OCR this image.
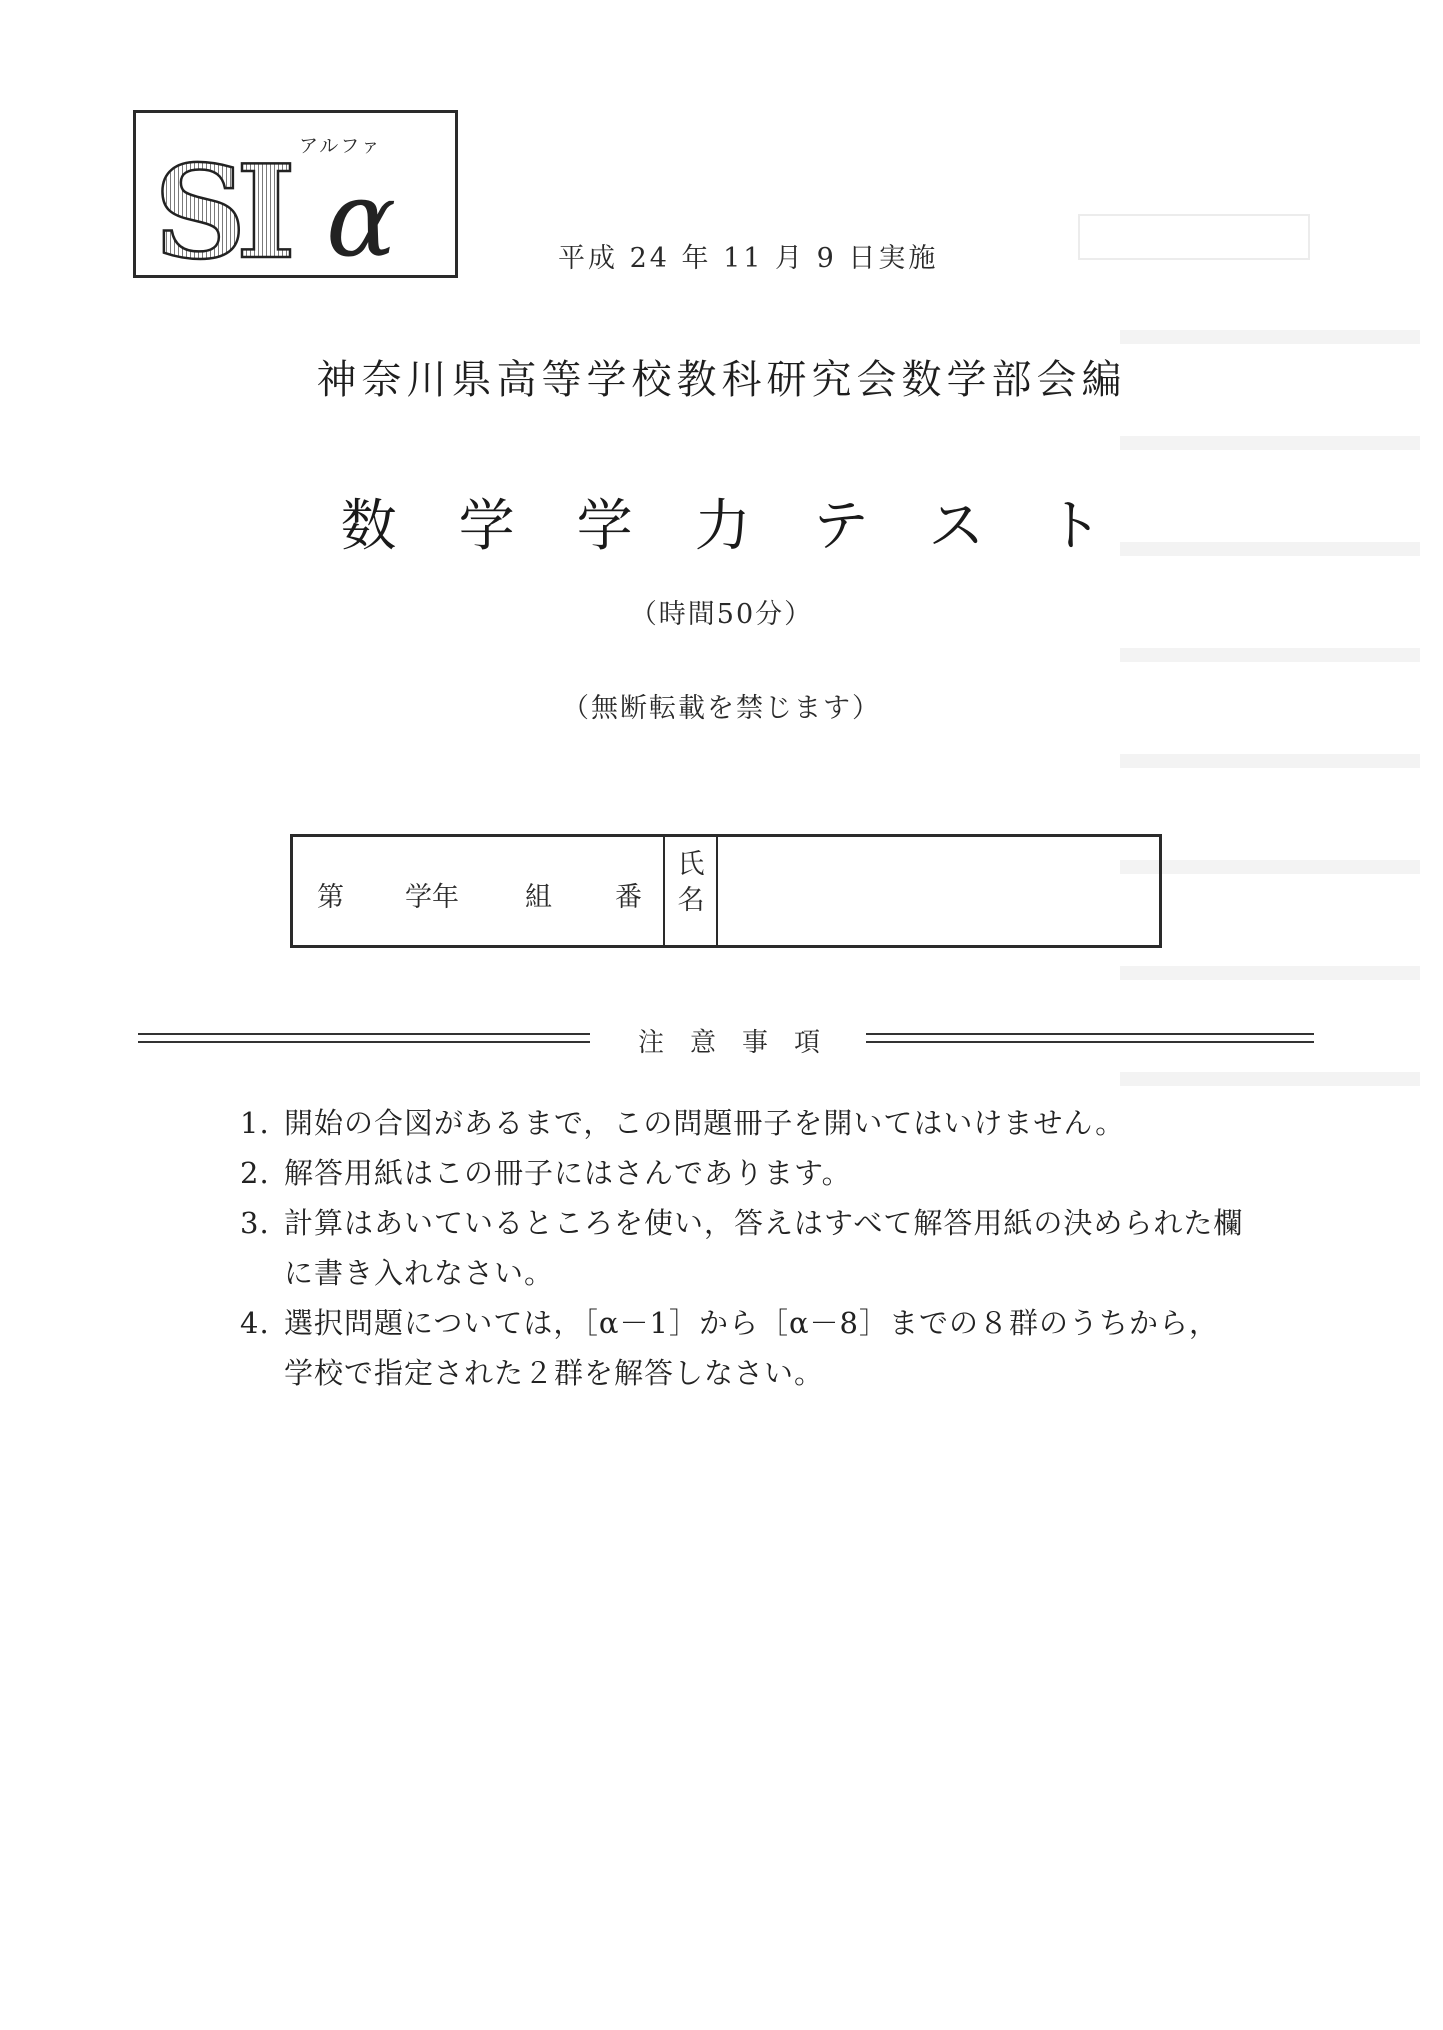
S
I α
アルファ
平成 24 年 11 月 9 日実施
神奈川県高等学校教科研究会数学部会編
数学学力テスト
（時間50分）
（無断転載を禁じます）
第 学年 組 番
氏
名
注意事項
1. 開始の合図があるまで，この問題冊子を開いてはいけません。
2. 解答用紙はこの冊子にはさんであります。
3. 計算はあいているところを使い，答えはすべて解答用紙の決められた欄に書き入れなさい。
4. 選択問題については，［α－1］から［α－8］までの８群のうちから，学校で指定された２群を解答しなさい。
